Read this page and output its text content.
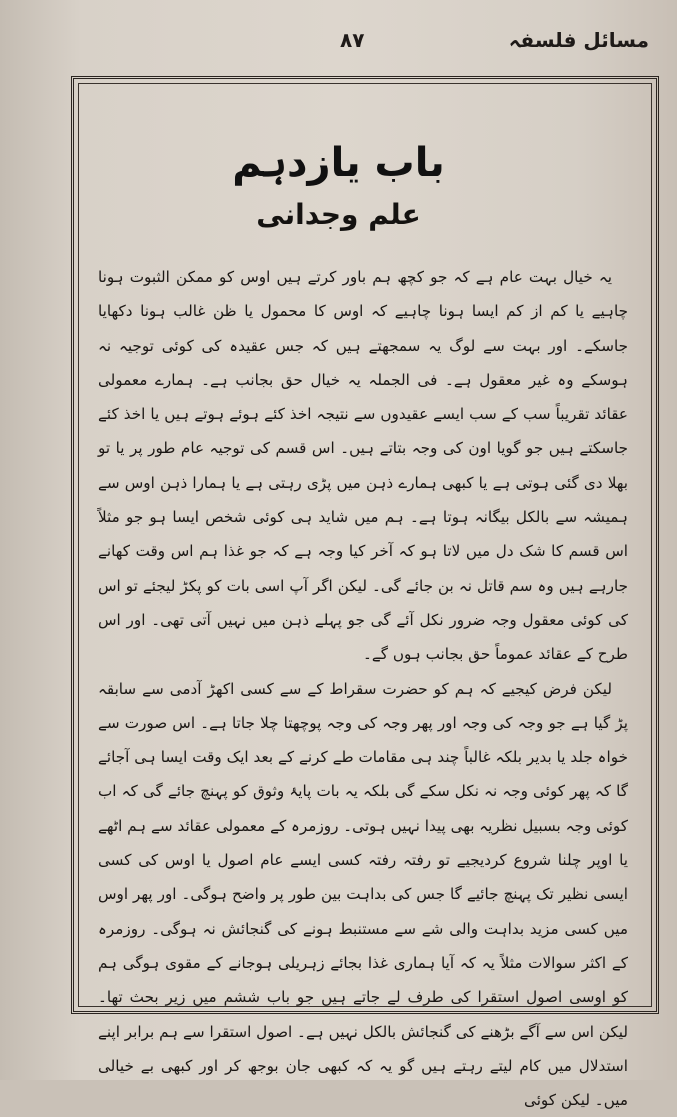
مسائل فلسفہ
۸۷
باب یازدہم
علم وجدانی

یہ خیال بہت عام ہے کہ جو کچھ ہم باور کرتے ہیں اوس کو ممکن الثبوت ہونا چاہیے یا کم از کم ایسا ہونا چاہیے کہ اوس کا محمول یا ظن غالب ہونا دکھایا جاسکے۔ اور بہت سے لوگ یہ سمجھتے ہیں کہ جس عقیدہ کی کوئی توجیہ نہ ہوسکے وہ غیر معقول ہے۔ فی الجملہ یہ خیال حق بجانب ہے۔ ہمارے معمولی عقائد تقریباً سب کے سب ایسے عقیدوں سے نتیجہ اخذ کئے ہوئے ہوتے ہیں یا اخذ کئے جاسکتے ہیں جو گویا اون کی وجہ بتاتے ہیں۔ اس قسم کی توجیہ عام طور پر یا تو بھلا دی گئی ہوتی ہے یا کبھی ہمارے ذہن میں پڑی رہتی ہے یا ہمارا ذہن اوس سے ہمیشہ سے بالکل بیگانہ ہوتا ہے۔ ہم میں شاید ہی کوئی شخص ایسا ہو جو مثلاً اس قسم کا شک دل میں لاتا ہو کہ آخر کیا وجہ ہے کہ جو غذا ہم اس وقت کھانے جارہے ہیں وہ سم قاتل نہ بن جائے گی۔ لیکن اگر آپ اسی بات کو پکڑ لیجئے تو اس کی کوئی معقول وجہ ضرور نکل آئے گی جو پہلے ذہن میں نہیں آتی تھی۔ اور اس طرح کے عقائد عموماً حق بجانب ہوں گے۔

لیکن فرض کیجیے کہ ہم کو حضرت سقراط کے سے کسی اکھڑ آدمی سے سابقہ پڑ گیا ہے جو وجہ کی وجہ اور پھر وجہ کی وجہ پوچھتا چلا جاتا ہے۔ اس صورت سے خواہ جلد یا بدیر بلکہ غالباً چند ہی مقامات طے کرنے کے بعد ایک وقت ایسا ہی آجائے گا کہ پھر کوئی وجہ نہ نکل سکے گی بلکہ یہ بات پایۂ وثوق کو پہنچ جائے گی کہ اب کوئی وجہ بسبیل نظریہ بھی پیدا نہیں ہوتی۔ روزمرہ کے معمولی عقائد سے ہم اٹھے یا اوپر چلنا شروع کردیجیے تو رفتہ رفتہ کسی ایسے عام اصول یا اوس کی کسی ایسی نظیر تک پہنچ جائیے گا جس کی بداہت بین طور پر واضح ہوگی۔ اور پھر اوس میں کسی مزید بداہت والی شے سے مستنبط ہونے کی گنجائش نہ ہوگی۔ روزمرہ کے اکثر سوالات مثلاً یہ کہ آیا ہماری غذا بجائے زہریلی ہوجانے کے مقوی ہوگی ہم کو اوسی اصول استقرا کی طرف لے جاتے ہیں جو باب ششم میں زیر بحث تھا۔ لیکن اس سے آگے بڑھنے کی گنجائش بالکل نہیں ہے۔ اصول استقرا سے ہم برابر اپنے استدلال میں کام لیتے رہتے ہیں گو یہ کہ کبھی جان بوجھ کر اور کبھی بے خیالی میں۔ لیکن کوئی
